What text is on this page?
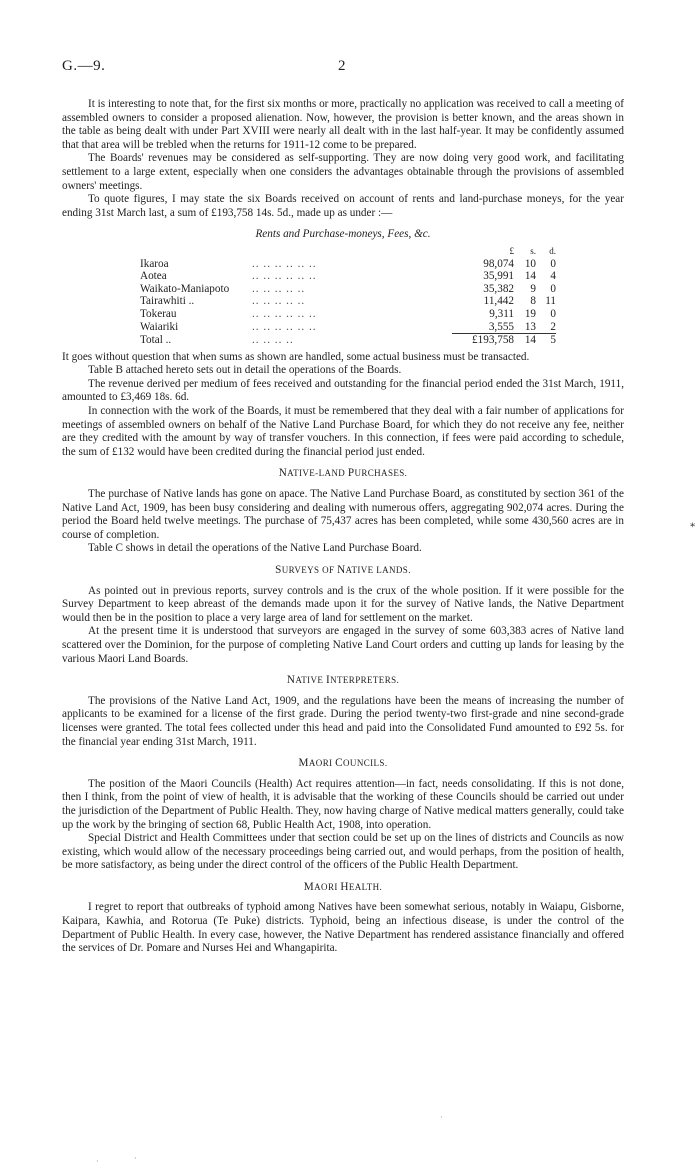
G.—9.	2
∗
·
·	·

It is interesting to note that, for the first six months or more, practically no application was received to call a meeting of assembled owners to consider a proposed alienation. Now, however, the provision is better known, and the areas shown in the table as being dealt with under Part XVIII were nearly all dealt with in the last half-year. It may be confidently assumed that that area will be trebled when the returns for 1911-12 come to be prepared.

The Boards' revenues may be considered as self-supporting. They are now doing very good work, and facilitating settlement to a large extent, especially when one considers the advantages obtainable through the provisions of assembled owners' meetings.

To quote figures, I may state the six Boards received on account of rents and land-purchase moneys, for the year ending 31st March last, a sum of £193,758 14s. 5d., made up as under :—

Rents and Purchase-moneys, Fees, &c.
		£	s.	d.
Ikaroa	.. .. .. .. .. ..	98,074	10	0
Aotea	.. .. .. .. .. ..	35,991	14	4
Waikato-Maniapoto	.. .. .. .. ..	35,382	9	0
Tairawhiti ..	.. .. .. .. ..	11,442	8	11
Tokerau	.. .. .. .. .. ..	9,311	19	0
Waiariki	.. .. .. .. .. ..	3,555	13	2
Total ..	.. .. .. ..	£193,758	14	5

It goes without question that when sums as shown are handled, some actual business must be transacted.

Table B attached hereto sets out in detail the operations of the Boards.

The revenue derived per medium of fees received and outstanding for the financial period ended the 31st March, 1911, amounted to £3,469 18s. 6d.

In connection with the work of the Boards, it must be remembered that they deal with a fair number of applications for meetings of assembled owners on behalf of the Native Land Purchase Board, for which they do not receive any fee, neither are they credited with the amount by way of transfer vouchers. In this connection, if fees were paid according to schedule, the sum of £132 would have been credited during the financial period just ended.

NATIVE-LAND PURCHASES.

The purchase of Native lands has gone on apace. The Native Land Purchase Board, as constituted by section 361 of the Native Land Act, 1909, has been busy considering and dealing with numerous offers, aggregating 902,074 acres. During the period the Board held twelve meetings. The purchase of 75,437 acres has been completed, while some 430,560 acres are in course of completion.

Table C shows in detail the operations of the Native Land Purchase Board.

SURVEYS OF NATIVE LANDS.

As pointed out in previous reports, survey controls and is the crux of the whole position. If it were possible for the Survey Department to keep abreast of the demands made upon it for the survey of Native lands, the Native Department would then be in the position to place a very large area of land for settlement on the market.

At the present time it is understood that surveyors are engaged in the survey of some 603,383 acres of Native land scattered over the Dominion, for the purpose of completing Native Land Court orders and cutting up lands for leasing by the various Maori Land Boards.

NATIVE INTERPRETERS.

The provisions of the Native Land Act, 1909, and the regulations have been the means of increasing the number of applicants to be examined for a license of the first grade. During the period twenty-two first-grade and nine second-grade licenses were granted. The total fees collected under this head and paid into the Consolidated Fund amounted to £92 5s. for the financial year ending 31st March, 1911.

MAORI COUNCILS.

The position of the Maori Councils (Health) Act requires attention—in fact, needs consolidating. If this is not done, then I think, from the point of view of health, it is advisable that the working of these Councils should be carried out under the jurisdiction of the Department of Public Health. They, now having charge of Native medical matters generally, could take up the work by the bringing of section 68, Public Health Act, 1908, into operation.

Special District and Health Committees under that section could be set up on the lines of districts and Councils as now existing, which would allow of the necessary proceedings being carried out, and would perhaps, from the position of health, be more satisfactory, as being under the direct control of the officers of the Public Health Department.

MAORI HEALTH.

I regret to report that outbreaks of typhoid among Natives have been somewhat serious, notably in Waiapu, Gisborne, Kaipara, Kawhia, and Rotorua (Te Puke) districts. Typhoid, being an infectious disease, is under the control of the Department of Public Health. In every case, however, the Native Department has rendered assistance financially and offered the services of Dr. Pomare and Nurses Hei and Whangapirita.
